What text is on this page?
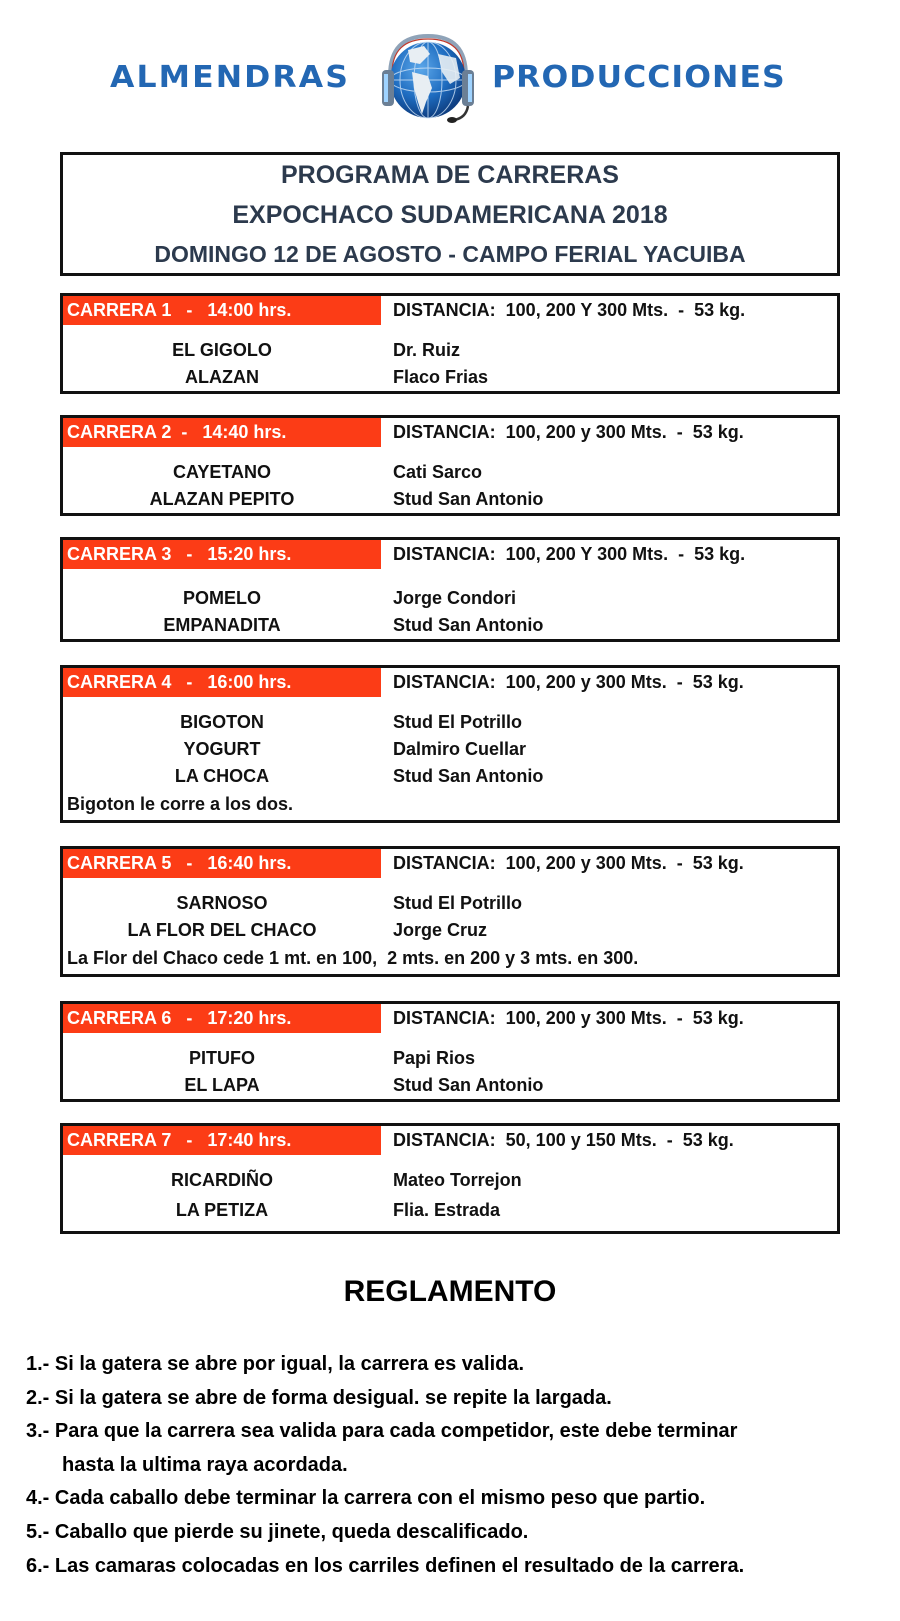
ALMENDRAS	PRODUCCIONES
PROGRAMA DE CARRERAS
EXPOCHACO SUDAMERICANA 2018
DOMINGO 12 DE AGOSTO - CAMPO FERIAL YACUIBA
CARRERA 1   -   14:00 hrs.	DISTANCIA:  100, 200 Y 300 Mts.  -  53 kg.
EL GIGOLO	Dr. Ruiz
ALAZAN	Flaco Frias
CARRERA 2  -   14:40 hrs.	DISTANCIA:  100, 200 y 300 Mts.  -  53 kg.
CAYETANO	Cati Sarco
ALAZAN PEPITO	Stud San Antonio
CARRERA 3   -   15:20 hrs.	DISTANCIA:  100, 200 Y 300 Mts.  -  53 kg.
POMELO	Jorge Condori
EMPANADITA	Stud San Antonio
CARRERA 4   -   16:00 hrs.	DISTANCIA:  100, 200 y 300 Mts.  -  53 kg.
BIGOTON	Stud El Potrillo
YOGURT	Dalmiro Cuellar
LA CHOCA	Stud San Antonio
Bigoton le corre a los dos.
CARRERA 5   -   16:40 hrs.	DISTANCIA:  100, 200 y 300 Mts.  -  53 kg.
SARNOSO	Stud El Potrillo
LA FLOR DEL CHACO	Jorge Cruz
La Flor del Chaco cede 1 mt. en 100,  2 mts. en 200 y 3 mts. en 300.
CARRERA 6   -   17:20 hrs.	DISTANCIA:  100, 200 y 300 Mts.  -  53 kg.
PITUFO	Papi Rios
EL LAPA	Stud San Antonio
CARRERA 7   -   17:40 hrs.	DISTANCIA:  50, 100 y 150 Mts.  -  53 kg.
RICARDIÑO	Mateo Torrejon
LA PETIZA	Flia. Estrada
REGLAMENTO
1.- Si la gatera se abre por igual, la carrera es valida.
2.- Si la gatera se abre de forma desigual. se repite la largada.
3.- Para que la carrera sea valida para cada competidor, este debe terminar
hasta la ultima raya acordada.
4.- Cada caballo debe terminar la carrera con el mismo peso que partio.
5.- Caballo que pierde su jinete, queda descalificado.
6.- Las camaras colocadas en los carriles definen el resultado de la carrera.
